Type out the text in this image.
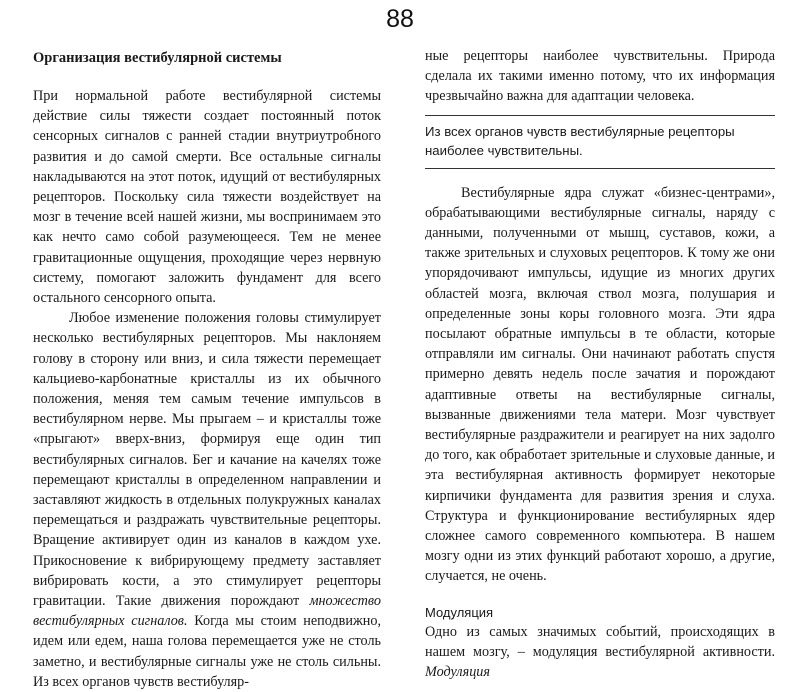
88
Организация вестибулярной системы

При нормальной работе вестибулярной системы действие силы тяжести создает постоянный поток сенсорных сигналов с ранней стадии внутриутробного развития и до самой смерти. Все остальные сигналы накладываются на этот поток, идущий от вестибулярных рецепторов. Поскольку сила тяжести воздействует на мозг в течение всей нашей жизни, мы воспринимаем это как нечто само собой разумеющееся. Тем не менее гравитационные ощущения, проходящие через нервную систему, помогают заложить фундамент для всего остального сенсорного опыта.

Любое изменение положения головы стимулирует несколько вестибулярных рецепторов. Мы наклоняем голову в сторону или вниз, и сила тяжести перемещает кальциево-карбонатные кристаллы из их обычного положения, меняя тем самым течение импульсов в вестибулярном нерве. Мы прыгаем – и кристаллы тоже «прыгают» вверх-вниз, формируя еще один тип вестибулярных сигналов. Бег и качание на качелях тоже перемещают кристаллы в определенном направлении и заставляют жидкость в отдельных полукружных каналах перемещаться и раздражать чувствительные рецепторы. Вращение активирует один из каналов в каждом ухе. Прикосновение к вибрирующему предмету заставляет вибрировать кости, а это стимулирует рецепторы гравитации. Такие движения порождают множество вестибулярных сигналов. Когда мы стоим неподвижно, идем или едем, наша голова перемещается уже не столь заметно, и вестибулярные сигналы уже не столь сильны. Из всех органов чувств вестибуляр-

ные рецепторы наиболее чувствительны. Природа сделала их такими именно потому, что их информация чрезвычайно важна для адаптации человека.

Из всех органов чувств вестибулярные рецепторы наиболее чувствительны.

Вестибулярные ядра служат «бизнес-центрами», обрабатывающими вестибулярные сигналы, наряду с данными, полученными от мышц, суставов, кожи, а также зрительных и слуховых рецепторов. К тому же они упорядочивают импульсы, идущие из многих других областей мозга, включая ствол мозга, полушария и определенные зоны коры головного мозга. Эти ядра посылают обратные импульсы в те области, которые отправляли им сигналы. Они начинают работать спустя примерно девять недель после зачатия и порождают адаптивные ответы на вестибулярные сигналы, вызванные движениями тела матери. Мозг чувствует вестибулярные раздражители и реагирует на них задолго до того, как обработает зрительные и слуховые данные, и эта вестибулярная активность формирует некоторые кирпичики фундамента для развития зрения и слуха. Структура и функционирование вестибулярных ядер сложнее самого современного компьютера. В нашем мозгу одни из этих функций работают хорошо, а другие, случается, не очень.

Модуляция

Одно из самых значимых событий, происходящих в нашем мозгу, – модуляция вестибулярной активности. Модуляция
